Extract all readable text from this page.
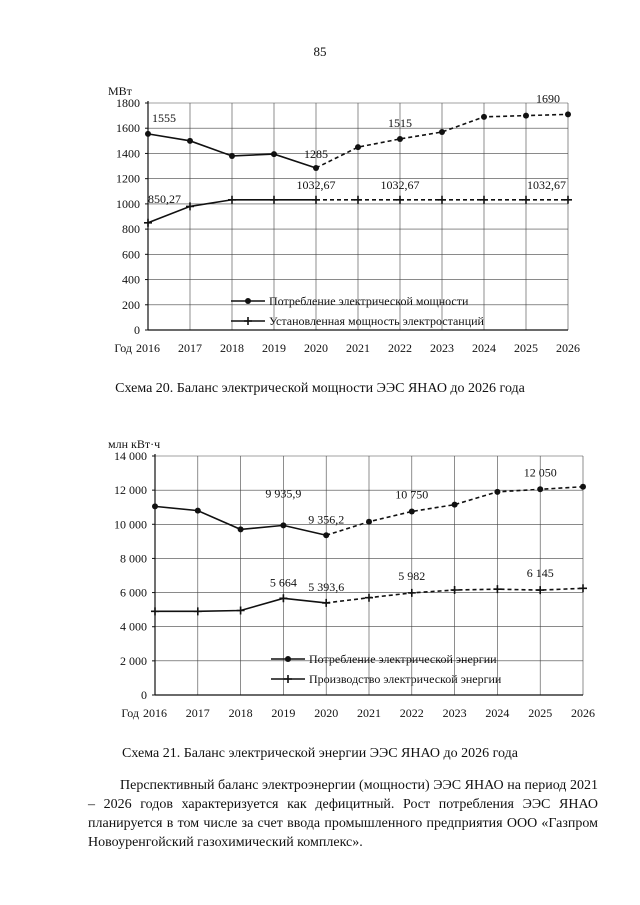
85
МВт
0
200
400
600
800
1000
1200
1400
1600
1800
2016 2017 2018 2019 2020 2021 2022 2023 2024 2025 2026
Год
1555
1285
1515
1690
850,27
1032,67	1032,67	1032,67
Потребление электрической мощности
Установленная мощность электростанций
Схема 20. Баланс электрической мощности ЭЭС ЯНАО до 2026 года
млн кВт·ч
0
2 000
4 000
6 000
8 000
10 000
12 000
14 000
2016 2017 2018 2019 2020 2021 2022 2023 2024 2025 2026
Год
9 935,9
9 356,2
10 750
12 050
5 664 5 393,6
5 982	6 145
Потребление электрической энергии
Производство электрической энергии
Схема 21. Баланс электрической энергии ЭЭС ЯНАО до 2026 года

Перспективный баланс электроэнергии (мощности) ЭЭС ЯНАО на период 2021 – 2026 годов характеризуется как дефицитный. Рост потребления ЭЭС ЯНАО планируется в том числе за счет ввода промышленного предприятия ООО «Газпром Новоуренгойский газохимический комплекс».
